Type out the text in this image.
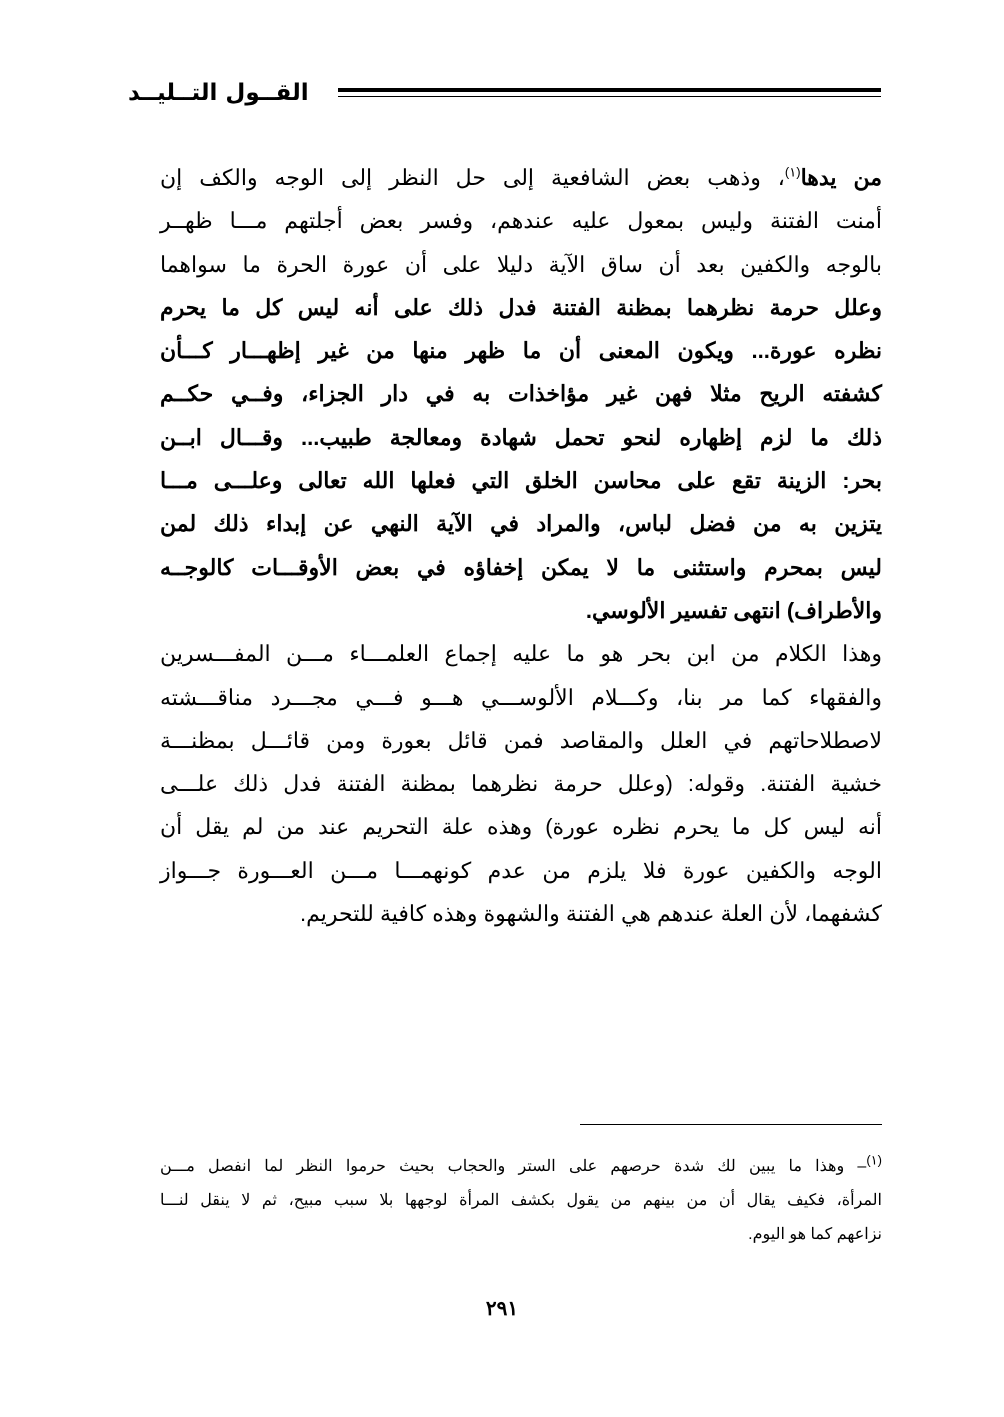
القــول التــليــد
من يدها$^{(١)}$، وذهب بعض الشافعية إلى حل النظر إلى الوجه والكف إن
أمنت الفتنة وليس بمعول عليه عندهم، وفسر بعض أجلتهم مـــا ظهــر
بالوجه والكفين بعد أن ساق الآية دليلا على أن عورة الحرة ما سواهما
وعلل حرمة نظرهما بمظنة الفتنة فدل ذلك على أنه ليس كل ما يحرم
نظره عورة... ويكون المعنى أن ما ظهر منها من غير إظهـــار كـــأن
كشفته الريح مثلا فهن غير مؤاخذات به في دار الجزاء، وفــي حكــم
ذلك ما لزم إظهاره لنحو تحمل شهادة ومعالجة طبيب... وقـــال ابــن
بحر: الزينة تقع على محاسن الخلق التي فعلها الله تعالى وعلـــى مـــا
يتزين به من فضل لباس، والمراد في الآية النهي عن إبداء ذلك لمن
ليس بمحرم واستثنى ما لا يمكن إخفاؤه في بعض الأوقـــات كالوجــه
والأطراف) انتهى تفسير الألوسي.
وهذا الكلام من ابن بحر هو ما عليه إجماع العلمـــاء مـــن المفـــسرين
والفقهاء كما مر بنا، وكـــلام الألوســـي هـــو فـــي مجـــرد مناقـــشته
لاصطلاحاتهم في العلل والمقاصد فمن قائل بعورة ومن قائـــل بمظنـــة
خشية الفتنة. وقوله: (وعلل حرمة نظرهما بمظنة الفتنة فدل ذلك علـــى
أنه ليس كل ما يحرم نظره عورة) وهذه علة التحريم عند من لم يقل أن
الوجه والكفين عورة فلا يلزم من عدم كونهمـــا مـــن العـــورة جـــواز
كشفهما، لأن العلة عندهم هي الفتنة والشهوة وهذه كافية للتحريم.
$^{(١)}$– وهذا ما يبين لك شدة حرصهم على الستر والحجاب بحيث حرموا النظر لما انفصل مـــن
المرأة، فكيف يقال أن من بينهم من يقول بكشف المرأة لوجهها بلا سبب مبيح، ثم لا ينقل لنـــا
نزاعهم كما هو اليوم.
٢٩١
